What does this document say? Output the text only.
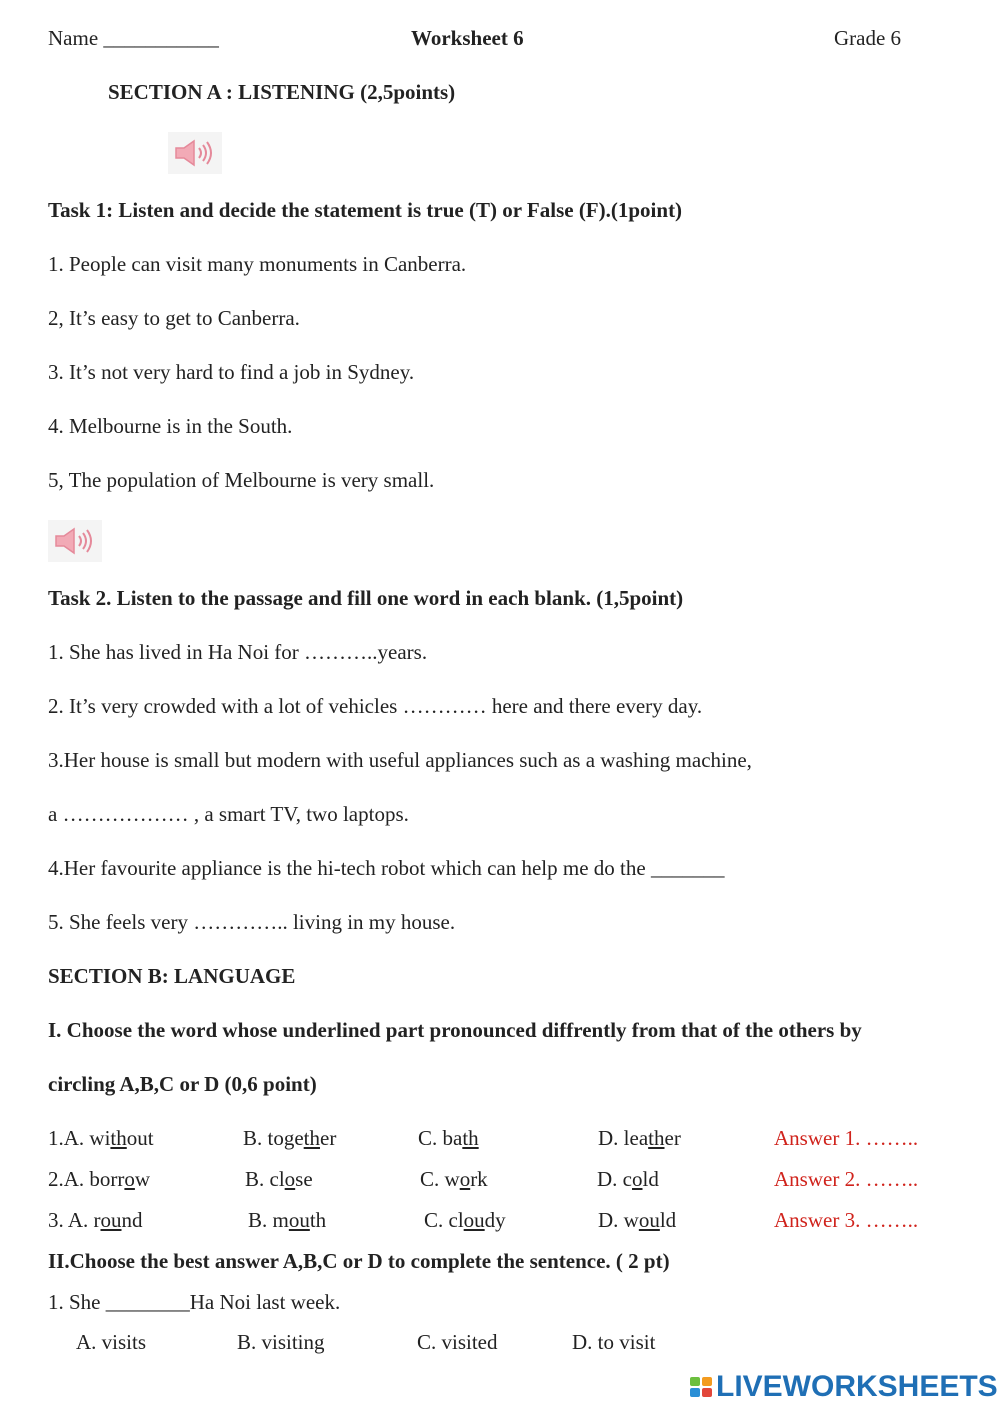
Name ___________	Worksheet 6	Grade 6
SECTION A : LISTENING (2,5points)
Task 1: Listen and decide the statement is true (T) or False (F).(1point)
1. People can visit many monuments in Canberra.
2, It’s easy to get to Canberra.
3. It’s not very hard to find a job in Sydney.
4. Melbourne is in the South.
5, The population of Melbourne is very small.
Task 2. Listen to the passage and fill one word in each blank. (1,5point)
1. She has lived in Ha Noi for ………..years.
2. It’s very crowded with a lot of vehicles ………… here and there every day.
3.Her house is small but modern with useful appliances such as a washing machine,
a ……………… , a smart TV, two laptops.
4.Her favourite appliance is the hi-tech robot which can help me do the _______
5. She feels very ………….. living in my house.
SECTION B: LANGUAGE
I. Choose the word whose underlined part pronounced diffrently from that of the others by
circling A,B,C or D (0,6 point)
1.A. without	B. together	C. bath	D. leather	Answer 1. ……..
2.A. borrow	B. close	C. work	D. cold	Answer 2. ……..
3. A. round	B. mouth	C. cloudy	D. would	Answer 3. ……..
II.Choose the best answer A,B,C or D to complete the sentence. ( 2 pt)
1. She ________Ha Noi last week.
A. visits	B. visiting	C. visited	D. to visit
LIVEWORKSHEETS
